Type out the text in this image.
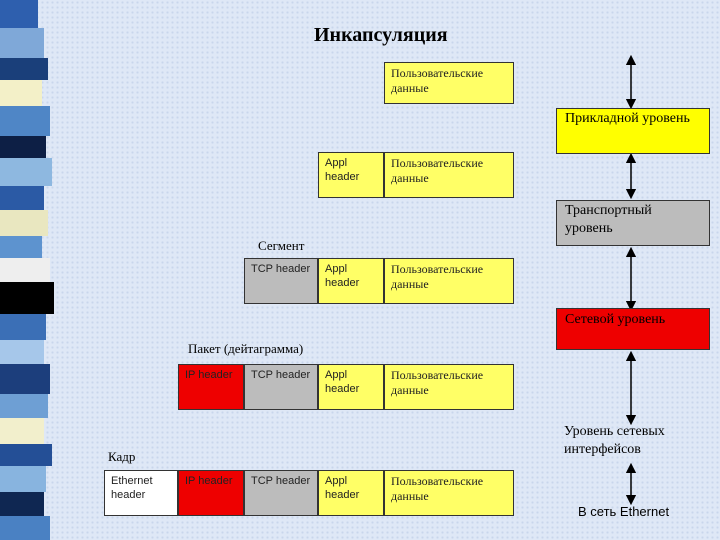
Инкапсуляция
Пользовательские данные
Appl header
Пользовательские данные
Сегмент
TCP header	Appl header
Пользовательские данные
Пакет (дейтаграмма)
IP header	TCP header	Appl header
Пользовательские данные
Кадр
Ethernet header
IP header	TCP header	Appl header
Пользовательские данные
Прикладной уровень
Транспортный уровень
Сетевой уровень
Уровень сетевых интерфейсов
В сеть Ethernet
